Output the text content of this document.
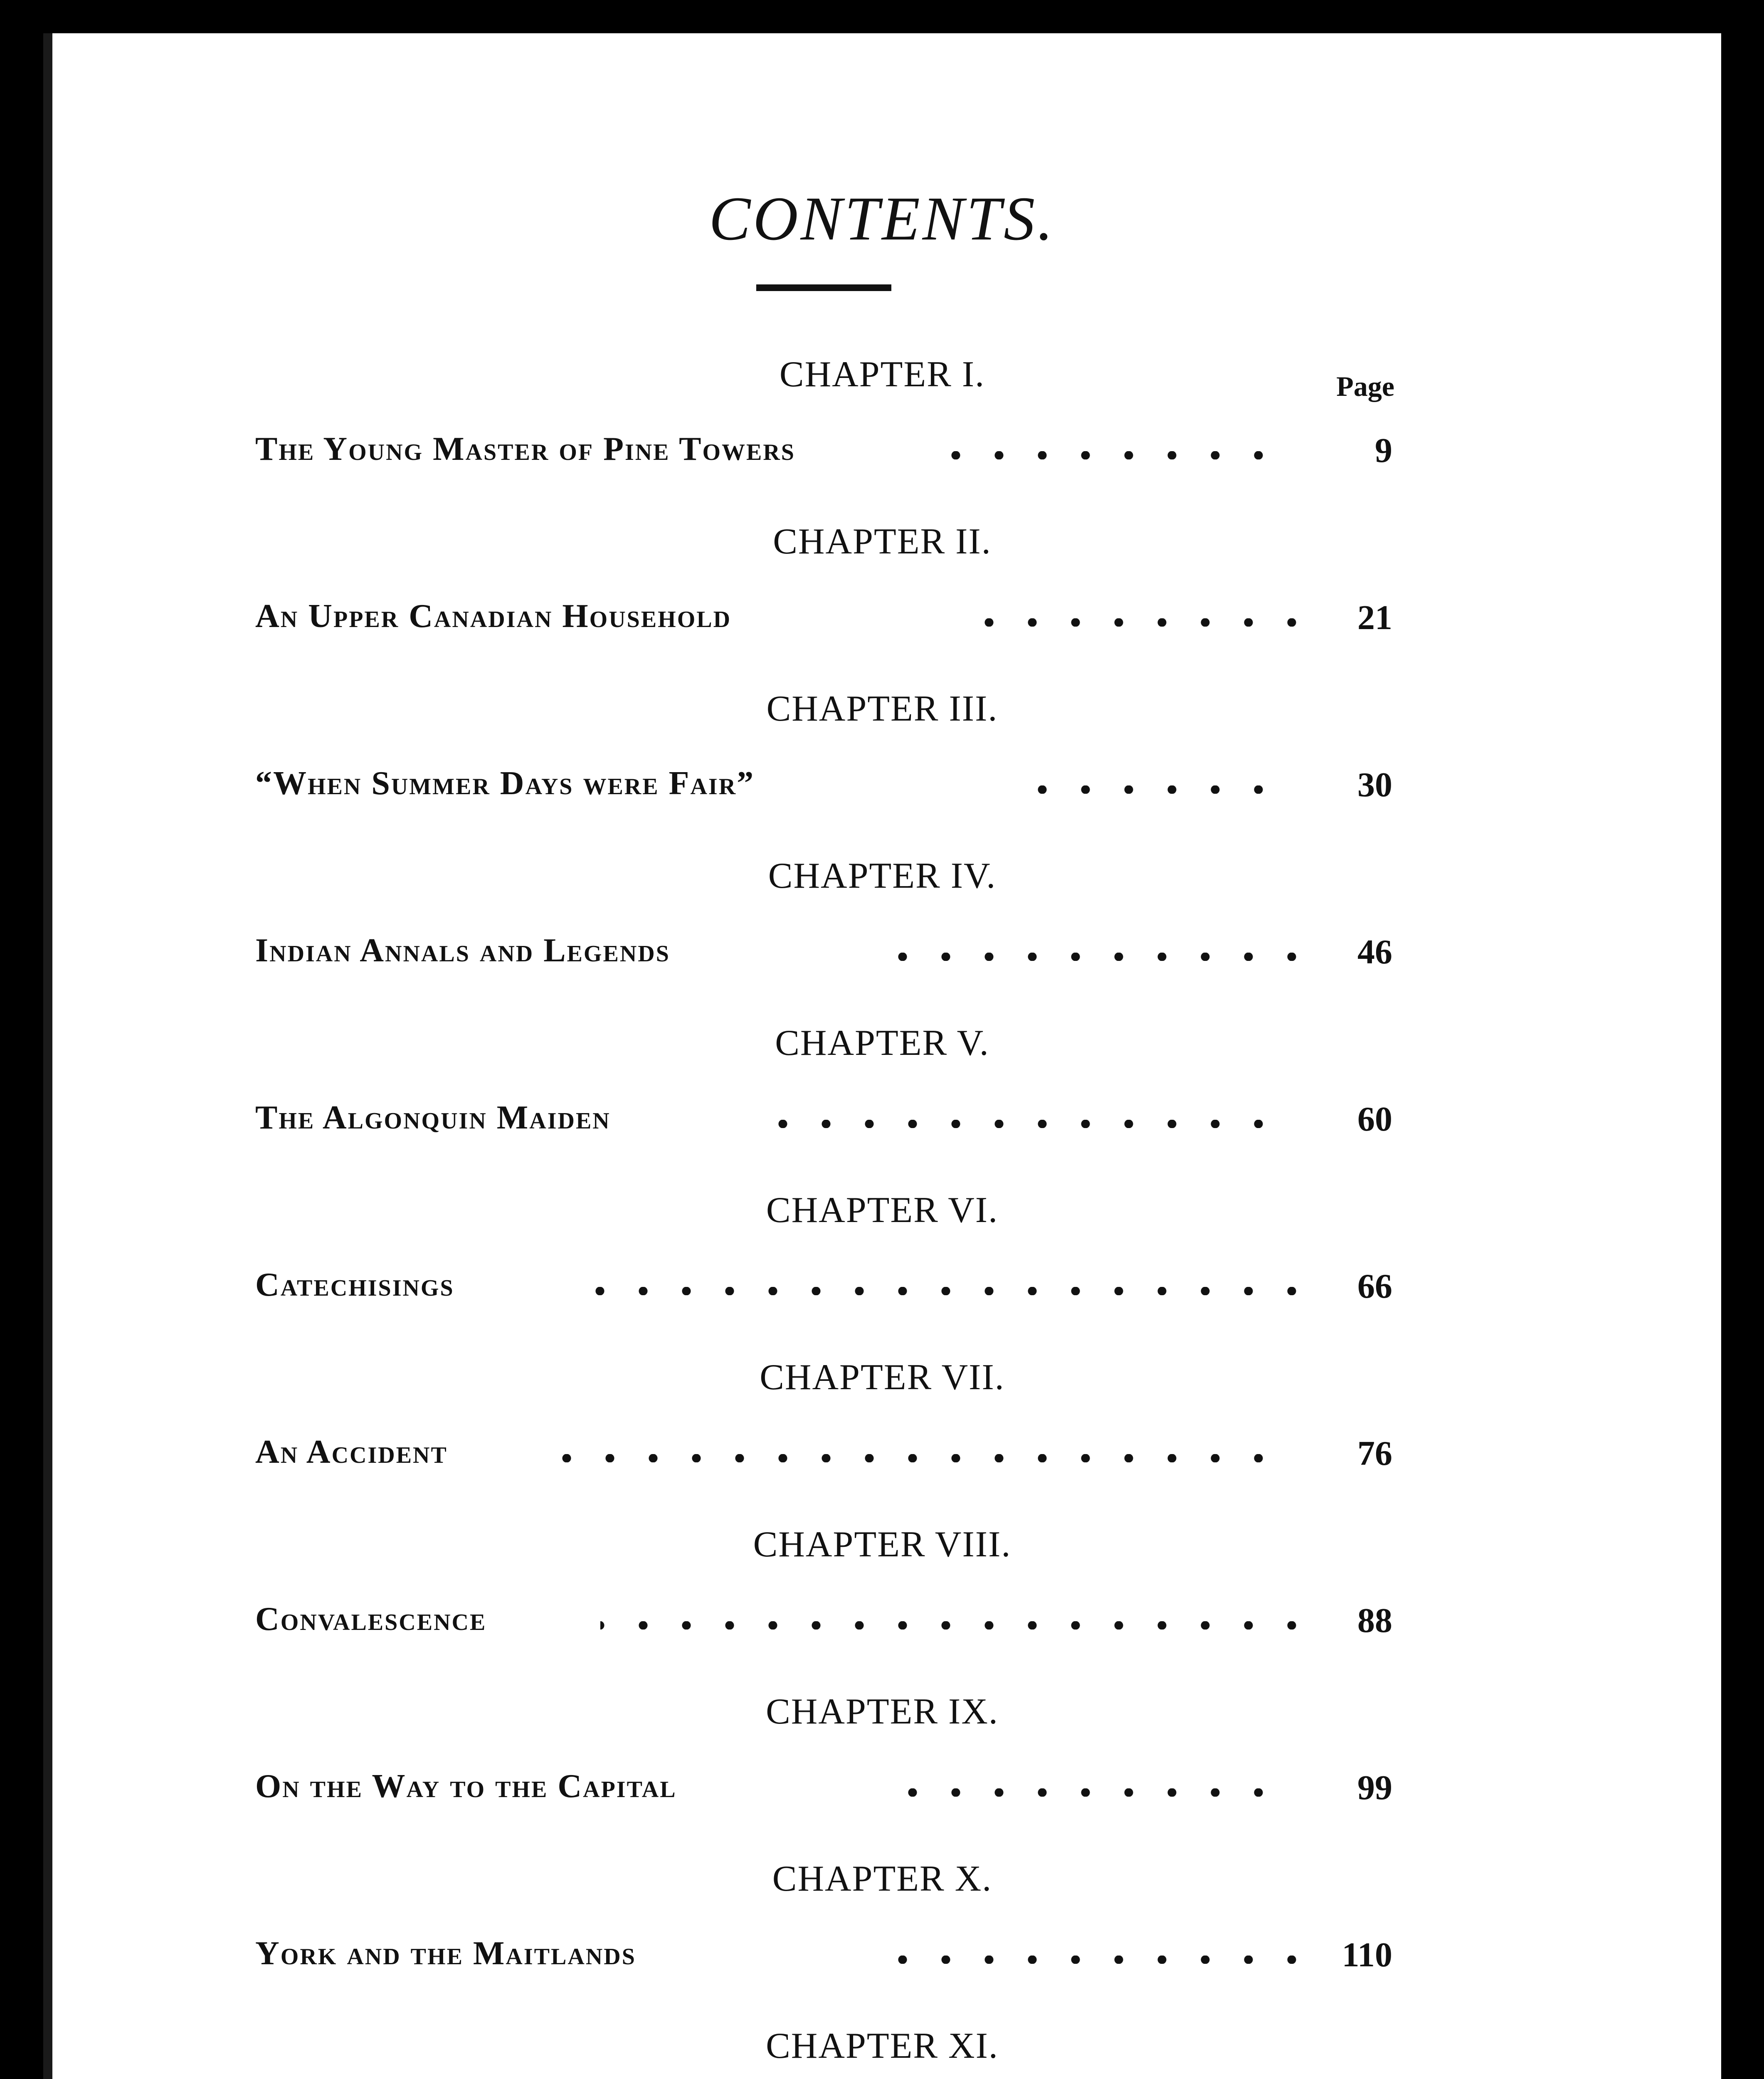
CONTENTS.
Page
CHAPTER I.
The Young Master of Pine Towers	9
CHAPTER II.
An Upper Canadian Household	21
CHAPTER III.
“When Summer Days were Fair”	30
CHAPTER IV.
Indian Annals and Legends	46
CHAPTER V.
The Algonquin Maiden	60
CHAPTER VI.
Catechisings	66
CHAPTER VII.
An Accident	76
CHAPTER VIII.
Convalescence	88
CHAPTER IX.
On the Way to the Capital	99
CHAPTER X.
York and the Maitlands	110
CHAPTER XI.
